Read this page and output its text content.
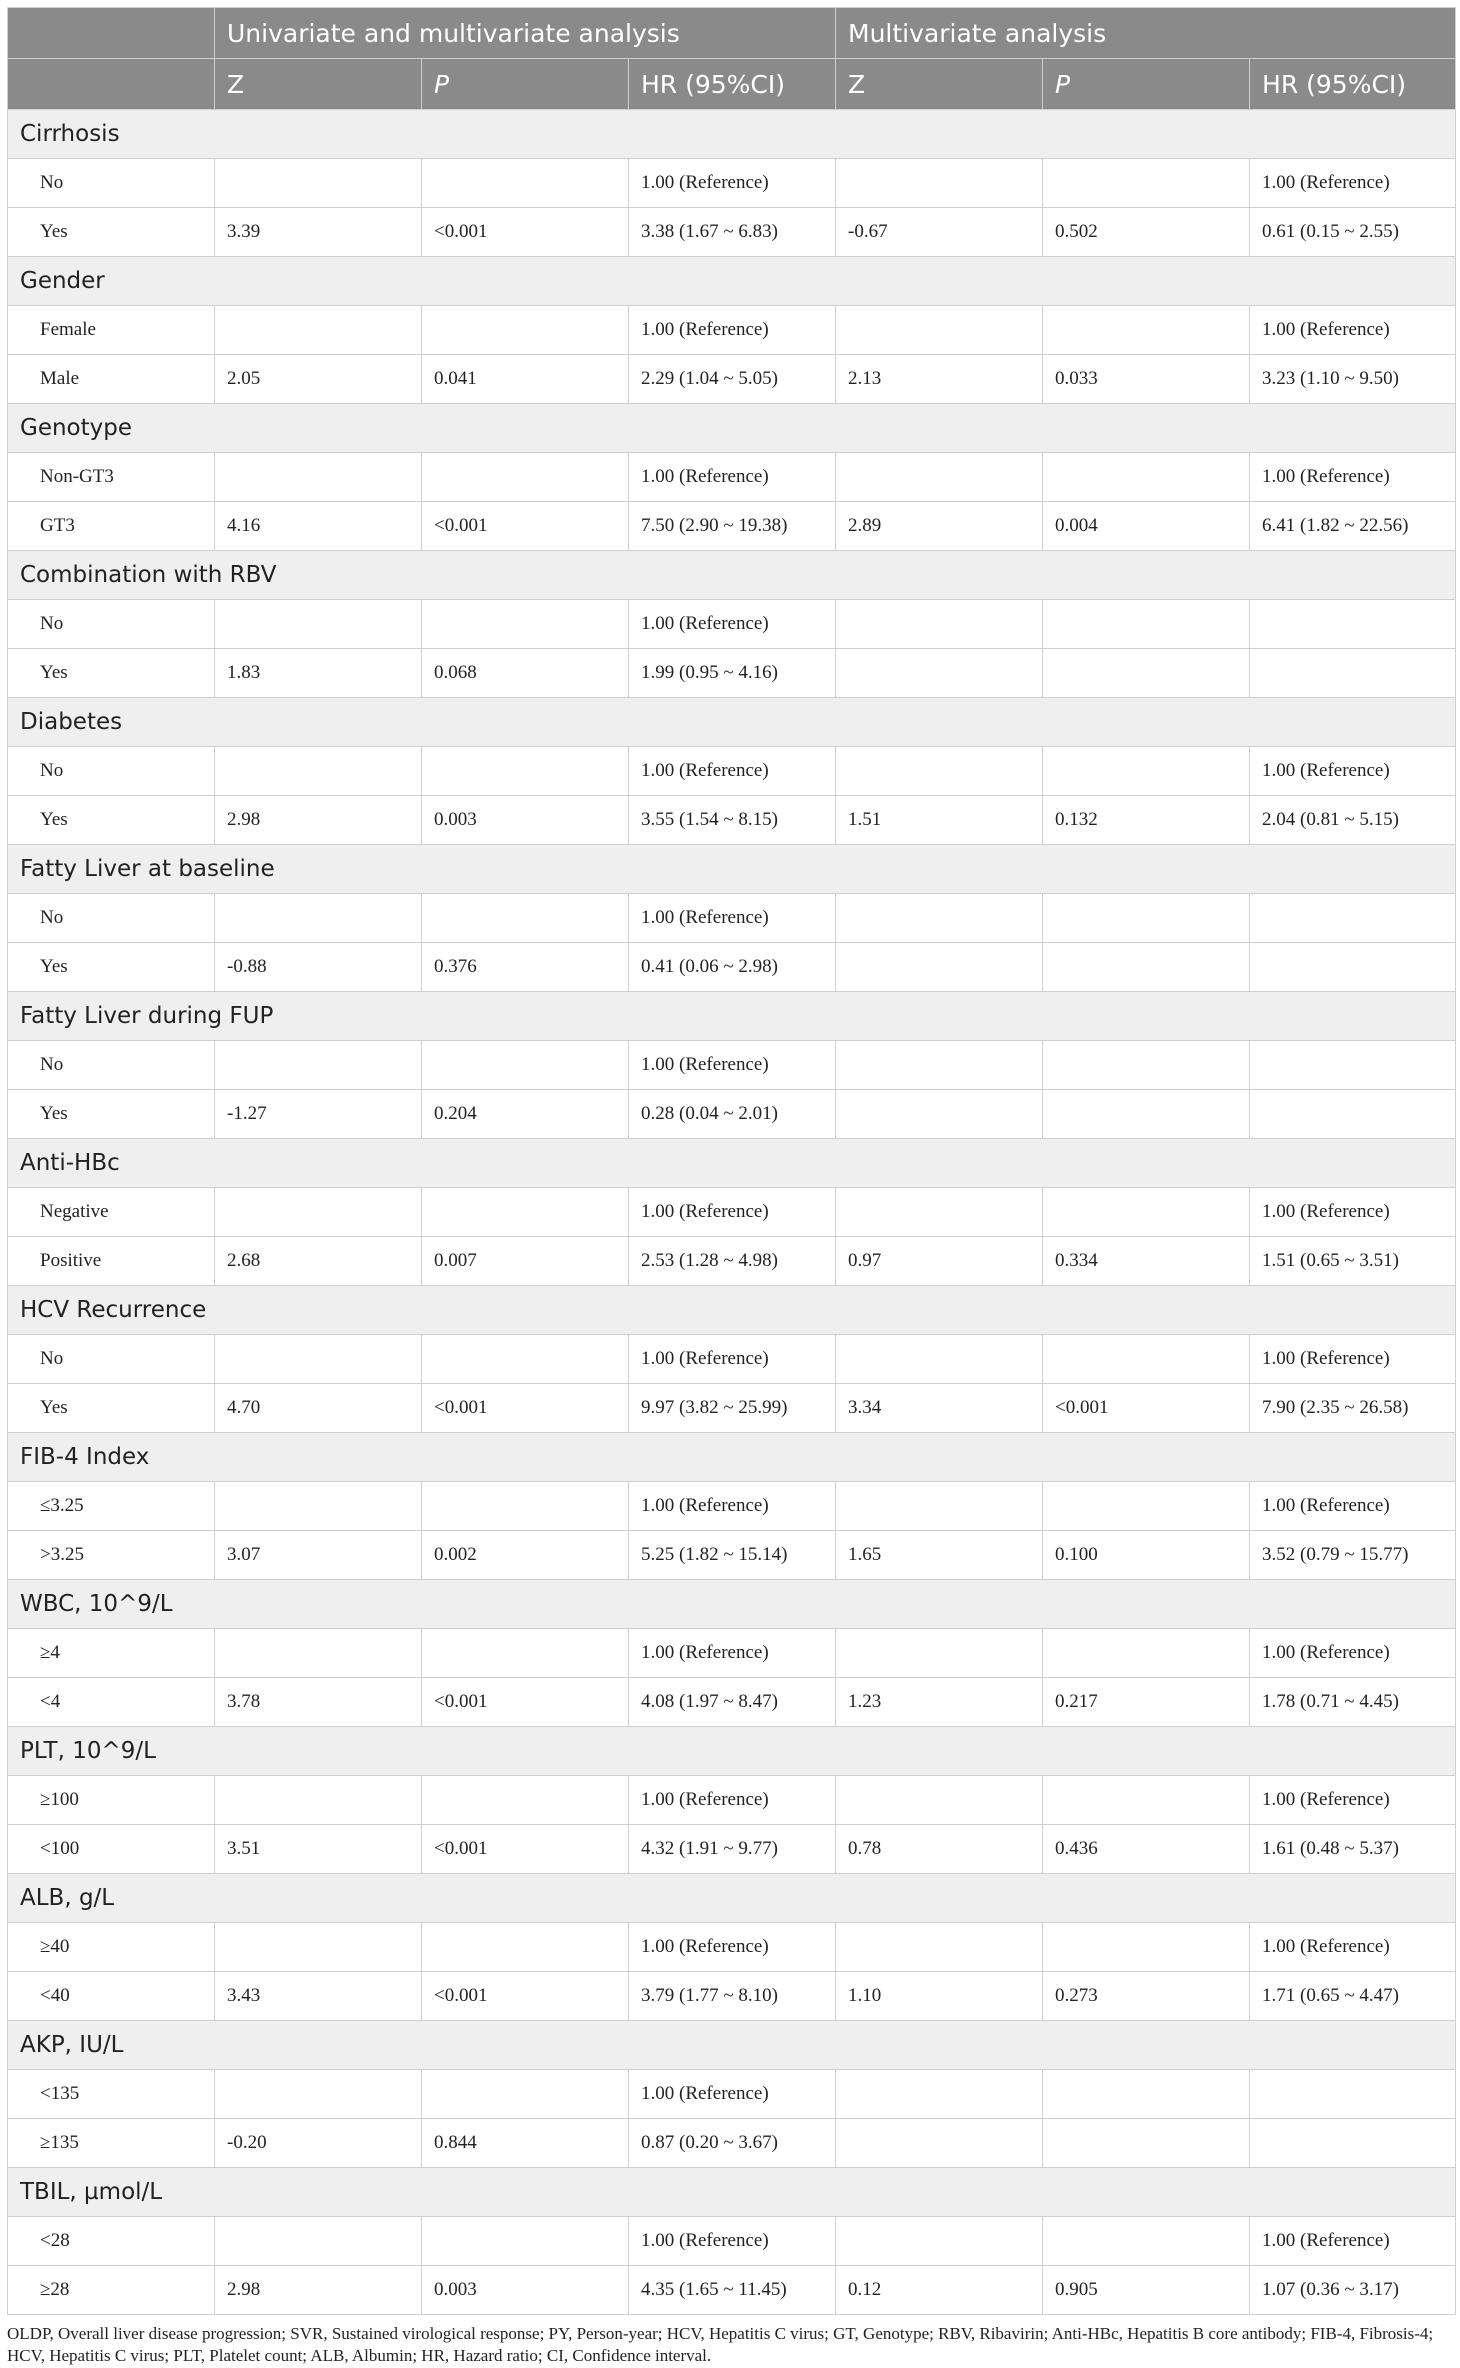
	Univariate and multivariate analysis			Multivariate analysis		
	Z	P	HR (95%CI)	Z	P	HR (95%CI)
Cirrhosis						
No			1.00 (Reference)			1.00 (Reference)
Yes	3.39	<0.001	3.38 (1.67 ~ 6.83)	-0.67	0.502	0.61 (0.15 ~ 2.55)
Gender						
Female			1.00 (Reference)			1.00 (Reference)
Male	2.05	0.041	2.29 (1.04 ~ 5.05)	2.13	0.033	3.23 (1.10 ~ 9.50)
Genotype						
Non-GT3			1.00 (Reference)			1.00 (Reference)
GT3	4.16	<0.001	7.50 (2.90 ~ 19.38)	2.89	0.004	6.41 (1.82 ~ 22.56)
Combination with RBV						
No			1.00 (Reference)			
Yes	1.83	0.068	1.99 (0.95 ~ 4.16)			
Diabetes						
No			1.00 (Reference)			1.00 (Reference)
Yes	2.98	0.003	3.55 (1.54 ~ 8.15)	1.51	0.132	2.04 (0.81 ~ 5.15)
Fatty Liver at baseline						
No			1.00 (Reference)			
Yes	-0.88	0.376	0.41 (0.06 ~ 2.98)			
Fatty Liver during FUP						
No			1.00 (Reference)			
Yes	-1.27	0.204	0.28 (0.04 ~ 2.01)			
Anti-HBc						
Negative			1.00 (Reference)			1.00 (Reference)
Positive	2.68	0.007	2.53 (1.28 ~ 4.98)	0.97	0.334	1.51 (0.65 ~ 3.51)
HCV Recurrence						
No			1.00 (Reference)			1.00 (Reference)
Yes	4.70	<0.001	9.97 (3.82 ~ 25.99)	3.34	<0.001	7.90 (2.35 ~ 26.58)
FIB-4 Index						
≤3.25			1.00 (Reference)			1.00 (Reference)
>3.25	3.07	0.002	5.25 (1.82 ~ 15.14)	1.65	0.100	3.52 (0.79 ~ 15.77)
WBC, 10^9/L						
≥4			1.00 (Reference)			1.00 (Reference)
<4	3.78	<0.001	4.08 (1.97 ~ 8.47)	1.23	0.217	1.78 (0.71 ~ 4.45)
PLT, 10^9/L						
≥100			1.00 (Reference)			1.00 (Reference)
<100	3.51	<0.001	4.32 (1.91 ~ 9.77)	0.78	0.436	1.61 (0.48 ~ 5.37)
ALB, g/L						
≥40			1.00 (Reference)			1.00 (Reference)
<40	3.43	<0.001	3.79 (1.77 ~ 8.10)	1.10	0.273	1.71 (0.65 ~ 4.47)
AKP, IU/L						
<135			1.00 (Reference)			
≥135	-0.20	0.844	0.87 (0.20 ~ 3.67)			
TBIL, µmol/L						
<28			1.00 (Reference)			1.00 (Reference)
≥28	2.98	0.003	4.35 (1.65 ~ 11.45)	0.12	0.905	1.07 (0.36 ~ 3.17)
OLDP, Overall liver disease progression; SVR, Sustained virological response; PY, Person-year; HCV, Hepatitis C virus; GT, Genotype; RBV, Ribavirin; Anti-HBc, Hepatitis B core antibody; FIB-4, Fibrosis-4; HCV, Hepatitis C virus; PLT, Platelet count; ALB, Albumin; HR, Hazard ratio; CI, Confidence interval.
